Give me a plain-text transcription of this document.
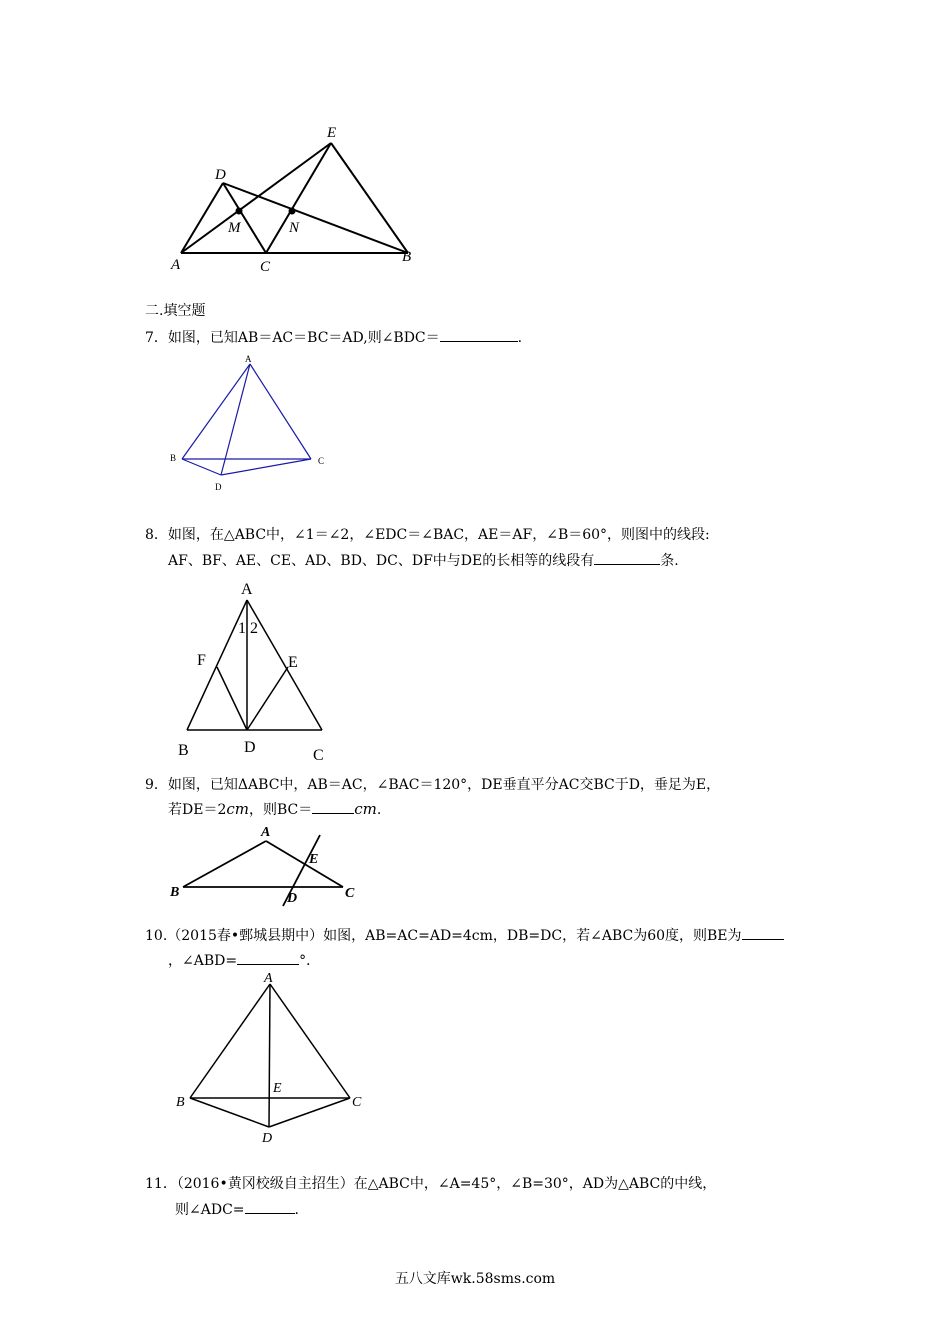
E
D
M	N
A	C
B
二.填空题
7．如图，已知AB＝AC＝BC＝AD,则∠BDC＝	.
A
B	C
D
8．如图，在△ABC中，∠1＝∠2，∠EDC＝∠BAC，AE＝AF，∠B＝60°，则图中的线段:
AF、BF、AE、CE、AD、BD、DC、DF中与DE的长相等的线段有	条.
A
1 2
F	E
B	D	C
9．如图，已知ΔABC中，AB＝AC，∠BAC＝120°，DE垂直平分AC交BC于D，垂足为E，
若DE＝2cm，则BC＝	cm.
A
B	C
D
E
10.（2015春•鄄城县期中）如图，AB=AC=AD=4cm，DB=DC，若∠ABC为60度，则BE为
，∠ABD=	°．
A
B	C
D
E
11．（2016•黄冈校级自主招生）在△ABC中，∠A=45°，∠B=30°，AD为△ABC的中线，
则∠ADC=	.
五八文库wk.58sms.com
